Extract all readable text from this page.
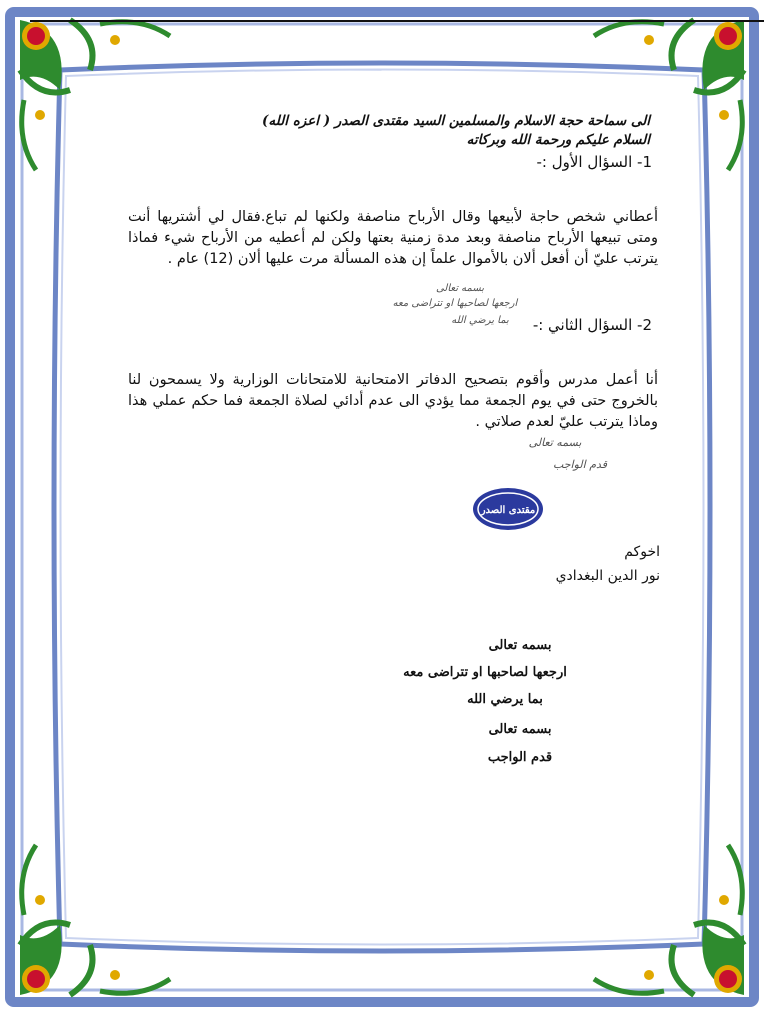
الى سماحة حجة الاسلام والمسلمين السيد مقتدى الصدر ( اعزه الله)
السلام عليكم ورحمة الله وبركاته
1- السؤال الأول :-
أعطاني شخص حاجة لأبيعها وقال الأرباح مناصفة ولكنها لم تباع.فقال لي أشتريها أنت ومتى تبيعها الأرباح مناصفة وبعد مدة زمنية بعتها ولكن لم أعطيه من الأرباح شيء فماذا يترتب عليّ أن أفعل ألان بالأموال علماً إن هذه المسألة مرت عليها ألان (12) عام .
بسمه تعالى
ارجعها لصاحبها او تتراضى معه
بما يرضي الله	2- السؤال الثاني :-
أنا أعمل مدرس وأقوم بتصحيح الدفاتر الامتحانية للامتحانات الوزارية ولا يسمحون لنا بالخروج حتى في يوم الجمعة مما يؤدي الى عدم أدائي لصلاة الجمعة فما حكم عملي هذا وماذا يترتب عليّ لعدم صلاتي .
بسمه تعالى
قدم الواجب
مقتدى الصدر
اخوكم
نور الدين البغدادي
بسمه تعالى
ارجعها لصاحبها او تتراضى معه
بما يرضي الله
بسمه تعالى
قدم الواجب
